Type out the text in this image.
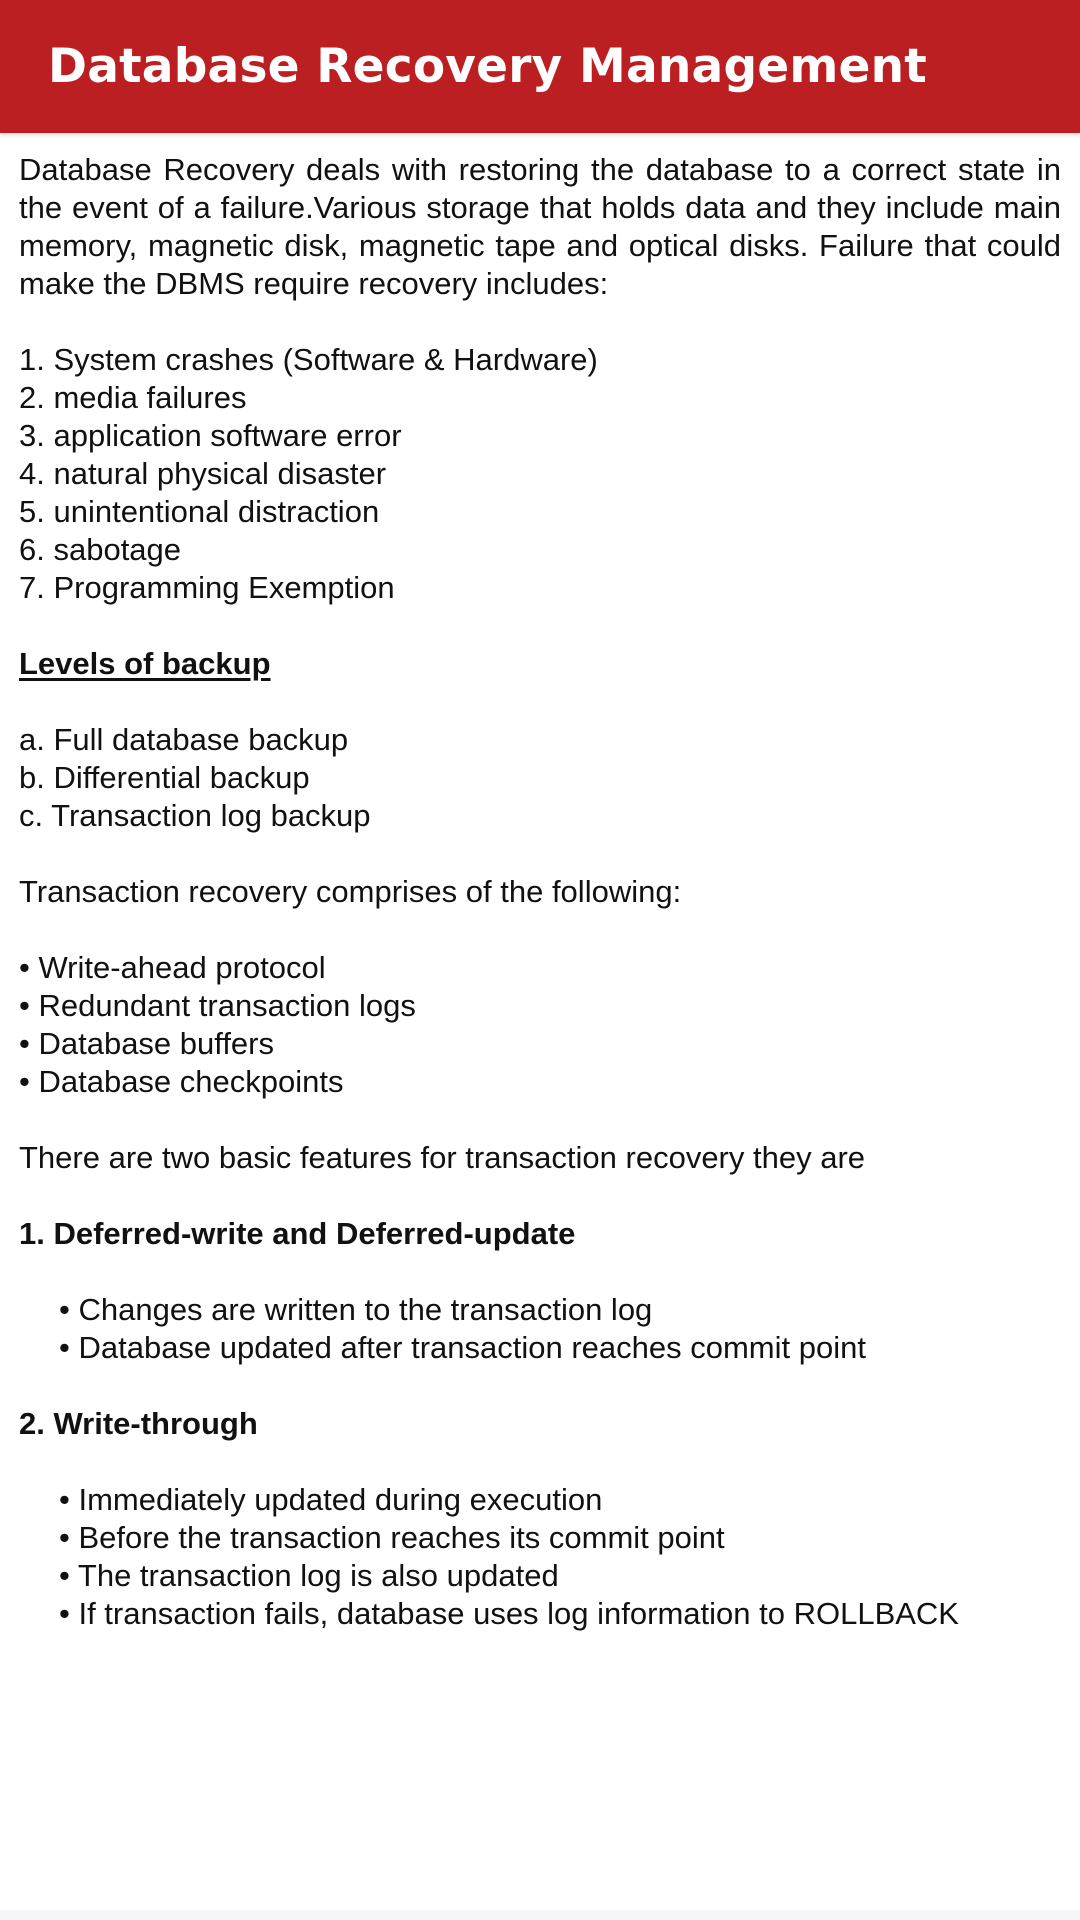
Database Recovery Management

Database Recovery deals with restoring the database to a correct state in the event of a failure.Various storage that holds data and they include main memory, magnetic disk, magnetic tape and optical disks. Failure that could make the DBMS require recovery includes:

1. System crashes (Software & Hardware)

2. media failures

3. application software error

4. natural physical disaster

5. unintentional distraction

6. sabotage

7. Programming Exemption

Levels of backup

a. Full database backup

b. Differential backup

c. Transaction log backup

Transaction recovery comprises of the following:

• Write-ahead protocol

• Redundant transaction logs

• Database buffers

• Database checkpoints

There are two basic features for transaction recovery they are

1. Deferred-write and Deferred-update

• Changes are written to the transaction log

• Database updated after transaction reaches commit point

2. Write-through

• Immediately updated during execution

• Before the transaction reaches its commit point

• The transaction log is also updated

• If transaction fails, database uses log information to ROLLBACK
